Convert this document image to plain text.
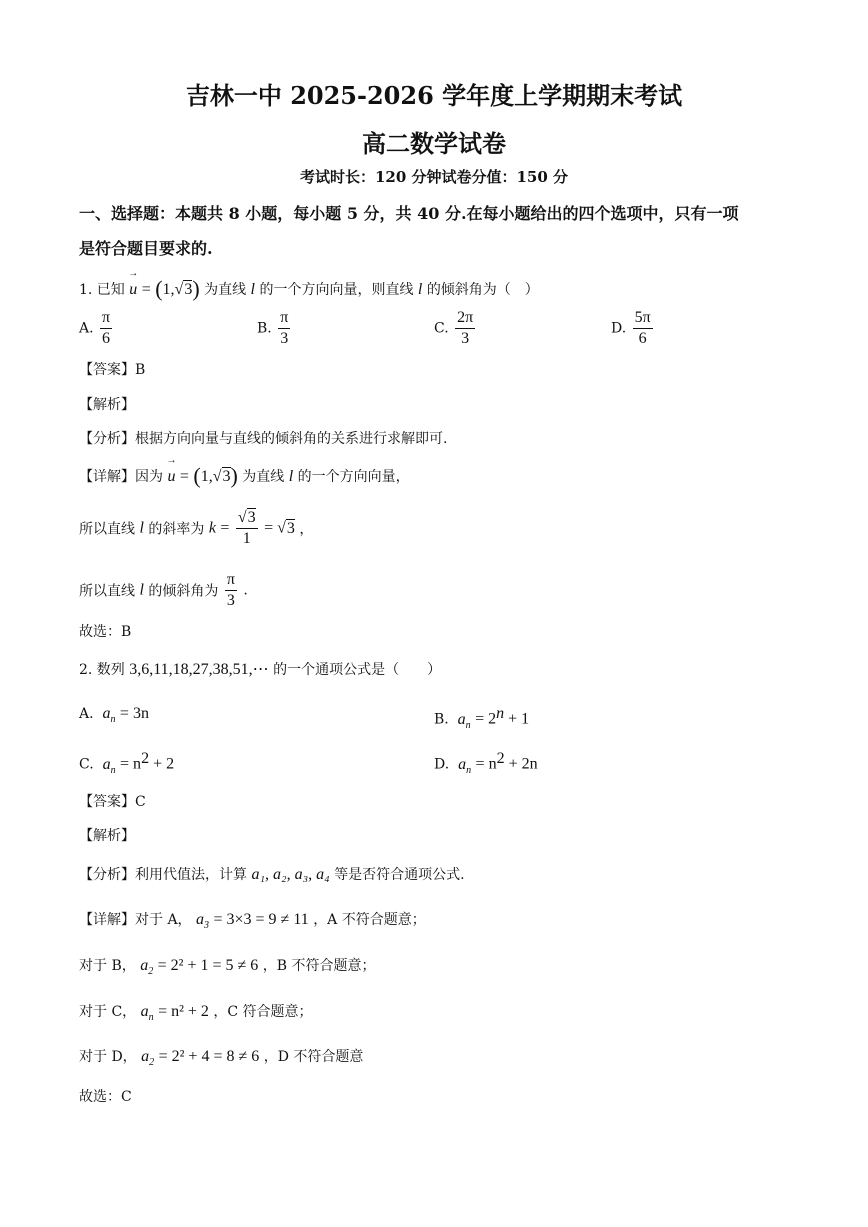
吉林一中 2025-2026 学年度上学期期末考试
高二数学试卷
考试时长：120 分钟试卷分值：150 分
一、选择题：本题共 8 小题，每小题 5 分，共 40 分.在每小题给出的四个选项中，只有一项
是符合题目要求的.
1. 已知 → u = (1,√3) 为直线 l 的一个方向向量，则直线 l 的倾斜角为（　）
A. $\frac{\pi}{6}$	B. $\frac{\pi}{3}$	C. $\frac{2\pi}{3}$	D. $\frac{5\pi}{6}$
【答案】B
【解析】
【分析】根据方向向量与直线的倾斜角的关系进行求解即可.
【详解】因为 → u = (1,√3) 为直线 l 的一个方向向量，
所以直线 l 的斜率为 $k = \frac{√3}{1} = √3$ ，
所以直线 l 的倾斜角为 $\frac{\pi}{3}$ .
故选：B
2. 数列 3,6,11,18,27,38,51,⋯ 的一个通项公式是（　　）
A. $a_n = 3n$	B. $a_n = 2^n + 1$
C. $a_n = n^2 + 2$	D. $a_n = n^2 + 2n$
【答案】C
【解析】
【分析】利用代值法，计算 a₁, a₂, a₃, a₄ 等是否符合通项公式.
【详解】对于 A， $a_3 = 3\times 3 = 9 \ne 11$ ，A 不符合题意；
对于 B， $a_2 = 2^2 + 1 = 5 \ne 6$ ，B 不符合题意；
对于 C， $a_n = n^2 + 2$ ，C 符合题意；
对于 D， $a_2 = 2^2 + 4 = 8 \ne 6$ ，D 不符合题意
故选：C
